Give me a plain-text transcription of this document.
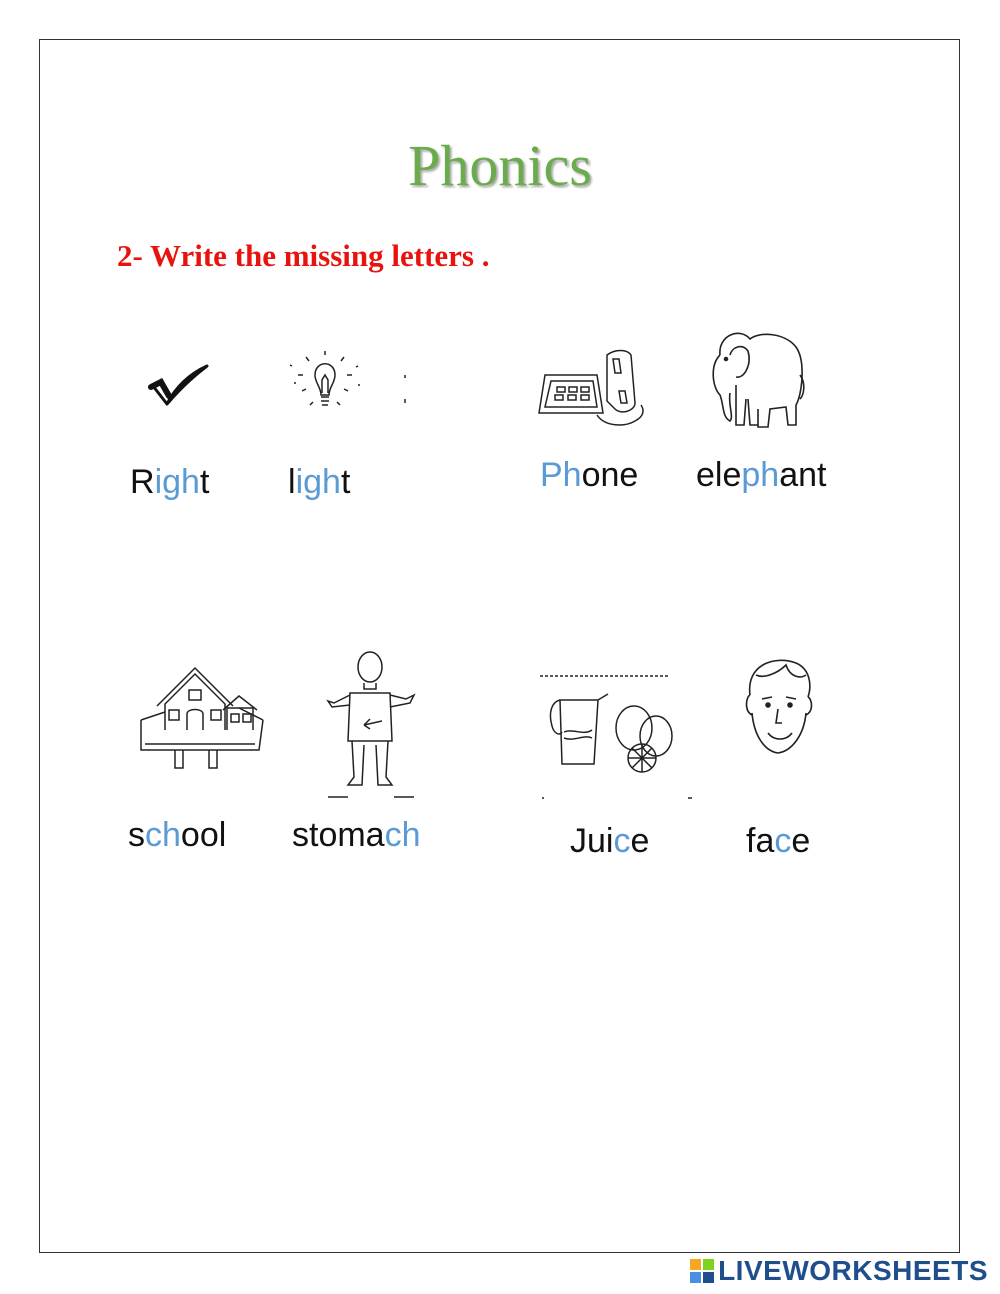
Phonics
2- Write the missing letters .
Right light	Phone elephant
school stomach	Juice	face
LIVEWORKSHEETS
